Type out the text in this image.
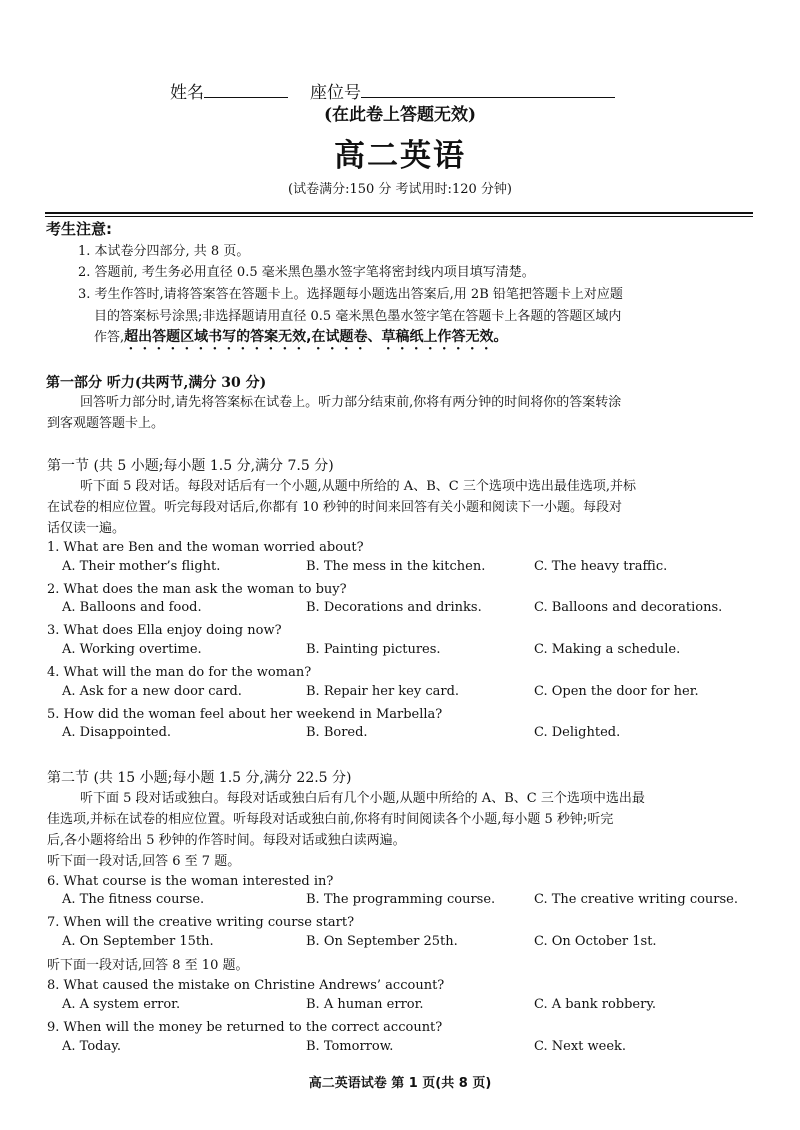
姓名	座位号
(在此卷上答题无效)
高二英语
(试卷满分:150 分 考试用时:120 分钟)
考生注意:
1. 本试卷分四部分, 共 8 页。
2. 答题前, 考生务必用直径 0.5 毫米黑色墨水签字笔将密封线内项目填写清楚。
3. 考生作答时,请将答案答在答题卡上。选择题每小题选出答案后,用 2B 铅笔把答题卡上对应题
目的答案标号涂黑;非选择题请用直径 0.5 毫米黑色墨水签字笔在答题卡上各题的答题区域内
作答,超出答题区域书写的答案无效,在试题卷、草稿纸上作答无效。
第一部分 听力(共两节,满分 30 分)
回答听力部分时,请先将答案标在试卷上。听力部分结束前,你将有两分钟的时间将你的答案转涂
到客观题答题卡上。
第一节 (共 5 小题;每小题 1.5 分,满分 7.5 分)
听下面 5 段对话。每段对话后有一个小题,从题中所给的 A、B、C 三个选项中选出最佳选项,并标
在试卷的相应位置。听完每段对话后,你都有 10 秒钟的时间来回答有关小题和阅读下一小题。每段对
话仅读一遍。
1. What are Ben and the woman worried about?
A. Their mother’s flight.	B. The mess in the kitchen.	C. The heavy traffic.
2. What does the man ask the woman to buy?
A. Balloons and food.	B. Decorations and drinks.	C. Balloons and decorations.
3. What does Ella enjoy doing now?
A. Working overtime.	B. Painting pictures.	C. Making a schedule.
4. What will the man do for the woman?
A. Ask for a new door card.	B. Repair her key card.	C. Open the door for her.
5. How did the woman feel about her weekend in Marbella?
A. Disappointed.	B. Bored.	C. Delighted.
第二节 (共 15 小题;每小题 1.5 分,满分 22.5 分)
听下面 5 段对话或独白。每段对话或独白后有几个小题,从题中所给的 A、B、C 三个选项中选出最
佳选项,并标在试卷的相应位置。听每段对话或独白前,你将有时间阅读各个小题,每小题 5 秒钟;听完
后,各小题将给出 5 秒钟的作答时间。每段对话或独白读两遍。
听下面一段对话,回答 6 至 7 题。
6. What course is the woman interested in?
A. The fitness course.	B. The programming course.	C. The creative writing course.
7. When will the creative writing course start?
A. On September 15th.	B. On September 25th.	C. On October 1st.
听下面一段对话,回答 8 至 10 题。
8. What caused the mistake on Christine Andrews’ account?
A. A system error.	B. A human error.	C. A bank robbery.
9. When will the money be returned to the correct account?
A. Today.	B. Tomorrow.	C. Next week.
高二英语试卷 第 1 页(共 8 页)
